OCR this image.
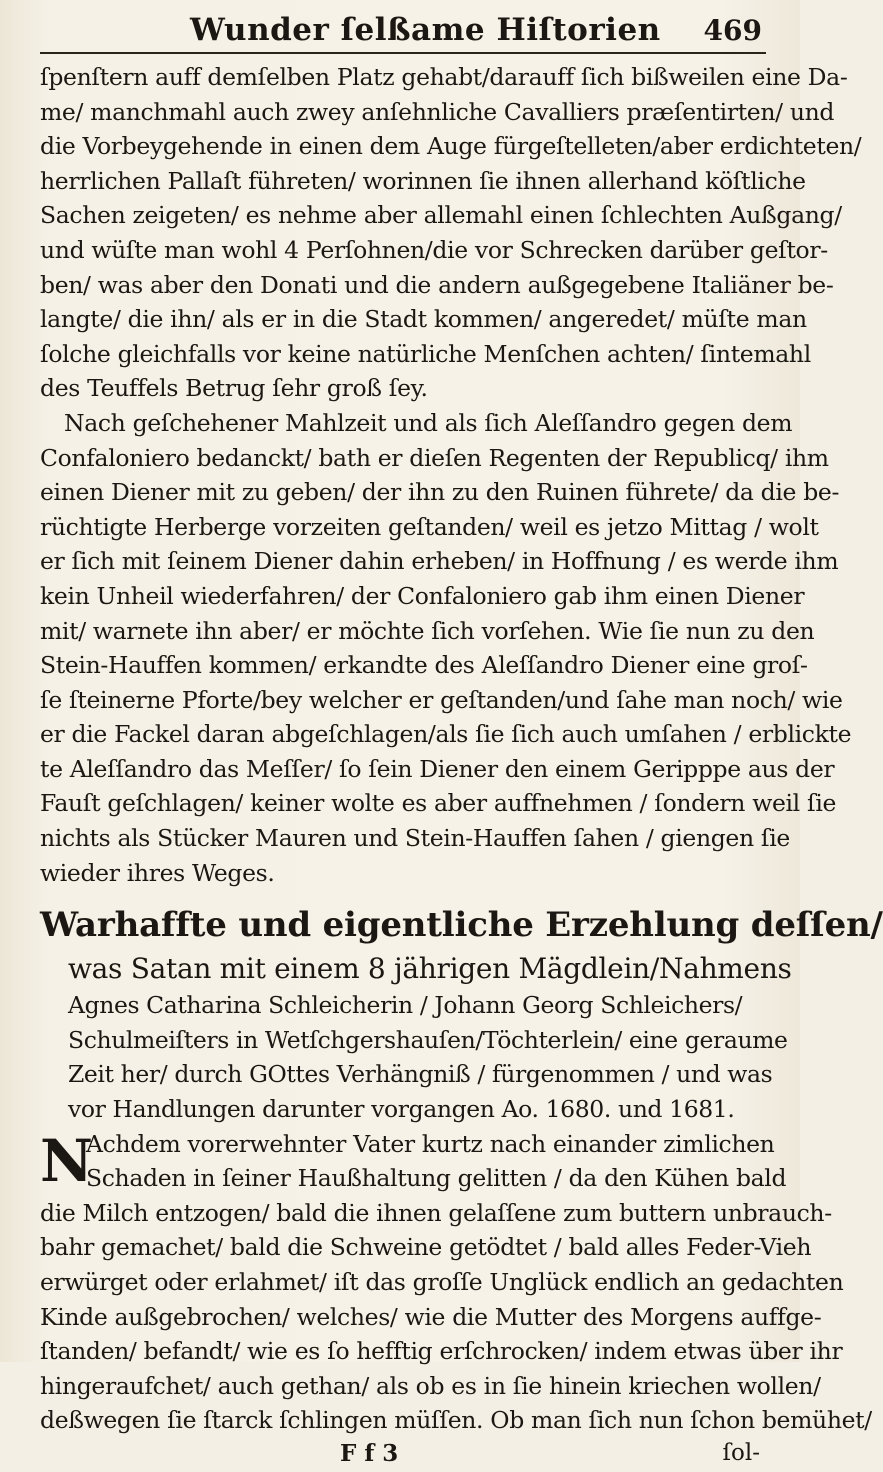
Wunder ſelßame Hiſtorien 469
ſpenſtern auff demſelben Platz gehabt/darauff ſich bißweilen eine Da-
me/ manchmahl auch zwey anſehnliche Cavalliers præſentirten/ und
die Vorbeygehende in einen dem Auge fürgeſtelleten/aber erdichteten/
herrlichen Pallaſt führeten/ worinnen ſie ihnen allerhand köſtliche
Sachen zeigeten/ es nehme aber allemahl einen ſchlechten Außgang/
und wüſte man wohl 4 Perſohnen/die vor Schrecken darüber geſtor-
ben/ was aber den Donati und die andern außgegebene Italiäner be-
langte/ die ihn/ als er in die Stadt kommen/ angeredet/ müſte man
ſolche gleichfalls vor keine natürliche Menſchen achten/ ſintemahl
des Teuffels Betrug ſehr groß ſey.
Nach geſchehener Mahlzeit und als ſich Aleſſandro gegen dem
Confaloniero bedanckt/ bath er dieſen Regenten der Republicq/ ihm
einen Diener mit zu geben/ der ihn zu den Ruinen führete/ da die be-
rüchtigte Herberge vorzeiten geſtanden/ weil es jetzo Mittag / wolt
er ſich mit ſeinem Diener dahin erheben/ in Hoffnung / es werde ihm
kein Unheil wiederfahren/ der Confaloniero gab ihm einen Diener
mit/ warnete ihn aber/ er möchte ſich vorſehen. Wie ſie nun zu den
Stein-Hauffen kommen/ erkandte des Aleſſandro Diener eine groſ-
ſe ſteinerne Pforte/bey welcher er geſtanden/und ſahe man noch/ wie
er die Fackel daran abgeſchlagen/als ſie ſich auch umſahen / erblickte
te Aleſſandro das Meſſer/ ſo ſein Diener den einem Geripppe aus der
Fauſt geſchlagen/ keiner wolte es aber auffnehmen / ſondern weil ſie
nichts als Stücker Mauren und Stein-Hauffen ſahen / giengen ſie
wieder ihres Weges.
Warhaffte und eigentliche Erzehlung deſſen/
was Satan mit einem 8 jährigen Mägdlein/Nahmens
Agnes Catharina Schleicherin / Johann Georg Schleichers/
Schulmeiſters in Wetſchgershauſen/Töchterlein/ eine geraume
Zeit her/ durch GOttes Verhängniß / fürgenommen / und was
vor Handlungen darunter vorgangen Ao. 1680. und 1681.
N
Achdem vorerwehnter Vater kurtz nach einander zimlichen
Schaden in ſeiner Haußhaltung gelitten / da den Kühen bald
die Milch entzogen/ bald die ihnen gelaſſene zum buttern unbrauch-
bahr gemachet/ bald die Schweine getödtet / bald alles Feder-Vieh
erwürget oder erlahmet/ iſt das groſſe Unglück endlich an gedachten
Kinde außgebrochen/ welches/ wie die Mutter des Morgens auffge-
ſtanden/ befandt/ wie es ſo hefftig erſchrocken/ indem etwas über ihr
hingeraufchet/ auch gethan/ als ob es in ſie hinein kriechen wollen/
deßwegen ſie ſtarck ſchlingen müſſen. Ob man ſich nun ſchon bemühet/
F f 3	ſol-
